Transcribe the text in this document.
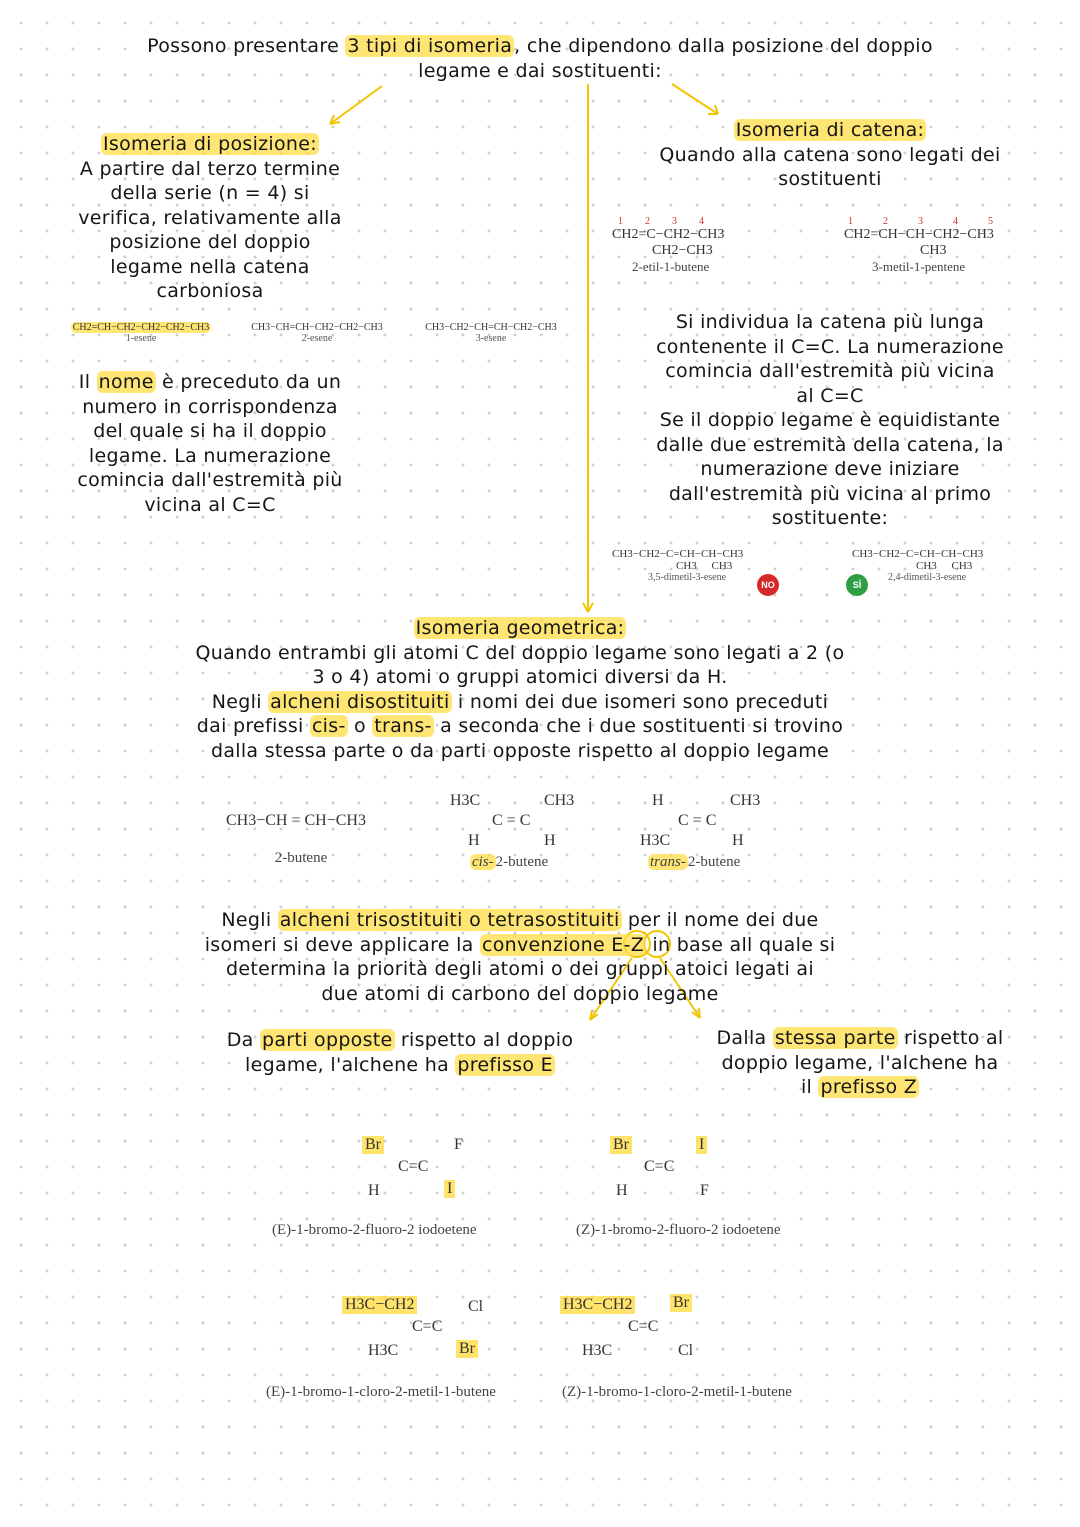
Possono presentare 3 tipi di isomeria , che dipendono dalla posizione del doppio
legame e dai sostituenti:
Isomeria di posizione:
A partire dal terzo termine
della serie (n = 4) si
verifica, relativamente alla
posizione del doppio
legame nella catena
carboniosa
CH2=CH−CH2−CH2−CH2−CH3
1-esene
CH3−CH=CH−CH2−CH2−CH3
2-esene
CH3−CH2−CH=CH−CH2−CH3
3-esene
Il nome è preceduto da un
numero in corrispondenza
del quale si ha il doppio
legame. La numerazione
comincia dall'estremità più
vicina al C=C
Isomeria di catena:
Quando alla catena sono legati dei
sostituenti
1234
CH2=C−CH2−CH3
CH2−CH3
2-etil-1-butene
12345
CH2=CH−CH−CH2−CH3
CH3
3-metil-1-pentene
Si individua la catena più lunga
contenente il C=C. La numerazione
comincia dall'estremità più vicina
al C=C
Se il doppio legame è equidistante
dalle due estremità della catena, la
numerazione deve iniziare
dall'estremità più vicina al primo
sostituente:
CH3−CH2−C=CH−CH−CH3
CH3 CH3
3,5-dimetil-3-esene
NO	SÌ
CH3−CH2−C=CH−CH−CH3
CH3 CH3
2,4-dimetil-3-esene
Isomeria geometrica:
Quando entrambi gli atomi C del doppio legame sono legati a 2 (o
3 o 4) atomi o gruppi atomici diversi da H.
Negli alcheni disostituiti i nomi dei due isomeri sono preceduti
dai prefissi cis- o trans- a seconda che i due sostituenti si trovino
dalla stessa parte o da parti opposte rispetto al doppio legame
CH3−CH = CH−CH3
2-butene
H3C	CH3
C = C
H	H
cis- 2-butene
H	CH3
C = C
H3C	H
trans- 2-butene
Negli alcheni trisostituiti o tetrasostituiti per il nome dei due
isomeri si deve applicare la convenzione E-Z in base all quale si
determina la priorità degli atomi o dei gruppi atoici legati ai
due atomi di carbono del doppio legame
Da parti opposte rispetto al doppio
legame, l'alchene ha prefisso E
Dalla stessa parte rispetto al
doppio legame, l'alchene ha
il prefisso Z
Br	F
C=C
H	I
(E)-1-bromo-2-fluoro-2 iodoetene
Br	I
C=C
H	F
(Z)-1-bromo-2-fluoro-2 iodoetene
H3C−CH2	Cl
C=C
H3C	Br
(E)-1-bromo-1-cloro-2-metil-1-butene
H3C−CH2	Br
C=C
H3C	Cl
(Z)-1-bromo-1-cloro-2-metil-1-butene
